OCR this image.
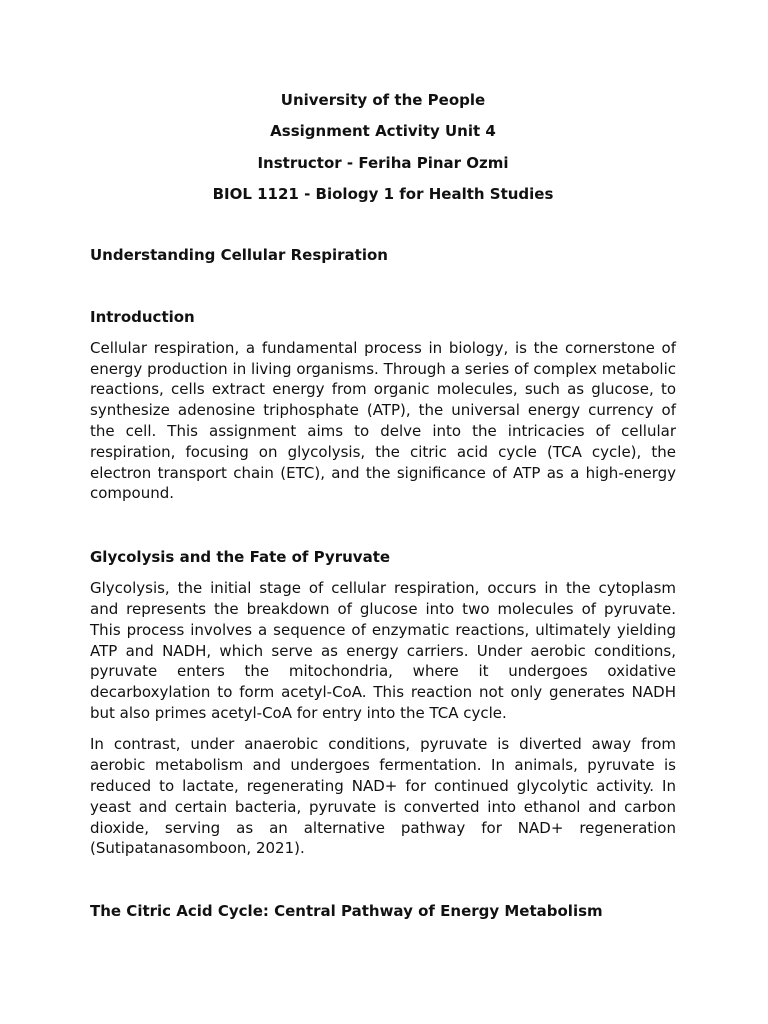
University of the People

Assignment Activity Unit 4

Instructor - Feriha Pinar Ozmi

BIOL 1121 - Biology 1 for Health Studies

Understanding Cellular Respiration
Introduction

Cellular respiration, a fundamental process in biology, is the cornerstone of energy production in living organisms. Through a series of complex metabolic reactions, cells extract energy from organic molecules, such as glucose, to synthesize adenosine triphosphate (ATP), the universal energy currency of the cell. This assignment aims to delve into the intricacies of cellular respiration, focusing on glycolysis, the citric acid cycle (TCA cycle), the electron transport chain (ETC), and the significance of ATP as a high-energy compound.

Glycolysis and the Fate of Pyruvate

Glycolysis, the initial stage of cellular respiration, occurs in the cytoplasm and represents the breakdown of glucose into two molecules of pyruvate. This process involves a sequence of enzymatic reactions, ultimately yielding ATP and NADH, which serve as energy carriers. Under aerobic conditions, pyruvate enters the mitochondria, where it undergoes oxidative decarboxylation to form acetyl-CoA. This reaction not only generates NADH but also primes acetyl-CoA for entry into the TCA cycle.

In contrast, under anaerobic conditions, pyruvate is diverted away from aerobic metabolism and undergoes fermentation. In animals, pyruvate is reduced to lactate, regenerating NAD+ for continued glycolytic activity. In yeast and certain bacteria, pyruvate is converted into ethanol and carbon dioxide, serving as an alternative pathway for NAD+ regeneration (Sutipatanasomboon, 2021).

The Citric Acid Cycle: Central Pathway of Energy Metabolism
